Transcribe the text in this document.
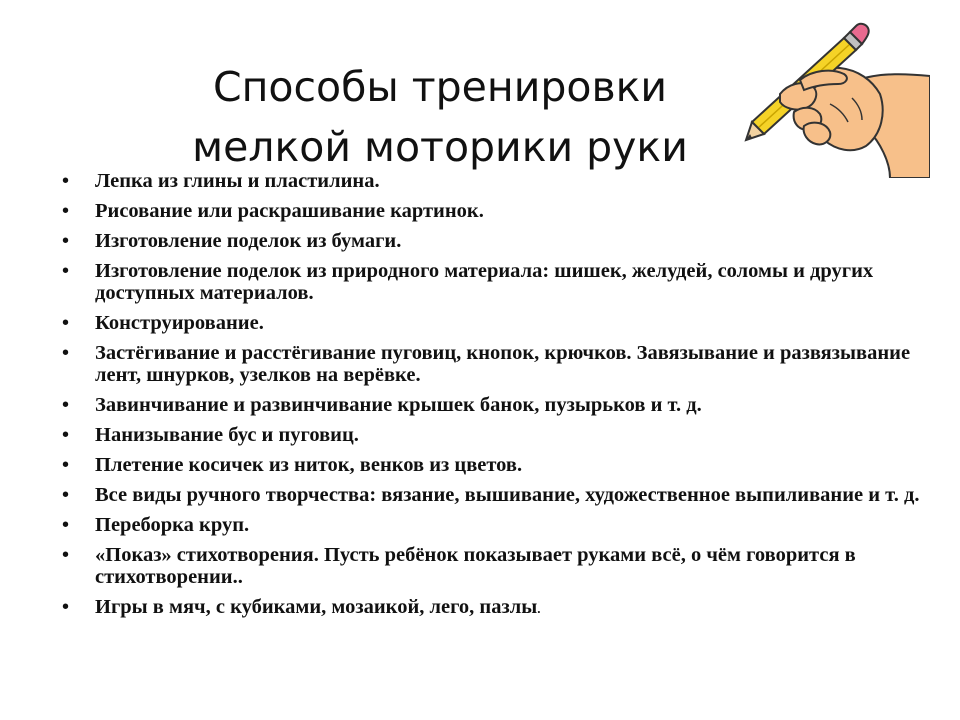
Способы тренировки
мелкой моторики руки
• Лепка из глины и пластилина.
• Рисование или раскрашивание картинок.
• Изготовление поделок из бумаги.
• Изготовление поделок из природного материала: шишек, желудей, соломы и других доступных материалов.
• Конструирование.
• Застёгивание и расстёгивание пуговиц, кнопок, крючков. Завязывание и развязывание лент, шнурков, узелков на верёвке.
• Завинчивание и развинчивание крышек банок, пузырьков и т. д.
• Нанизывание бус и пуговиц.
• Плетение косичек из ниток, венков из цветов.
• Все виды ручного творчества: вязание, вышивание, художественное выпиливание и т. д.
• Переборка круп.
• «Показ» стихотворения. Пусть ребёнок показывает руками всё, о чём говорится в стихотворении..
• Игры в мяч, с кубиками, мозаикой, лего, пазлы.
